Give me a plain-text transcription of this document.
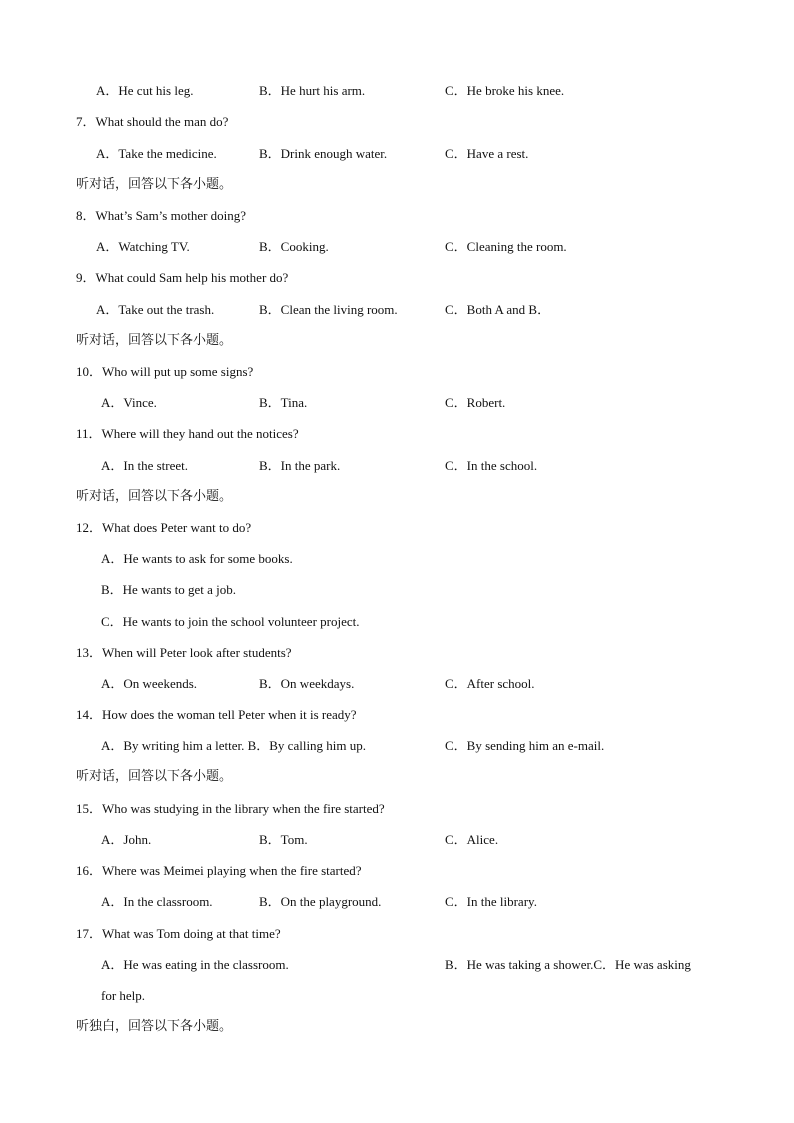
A．He cut his leg.	B．He hurt his arm.	C．He broke his knee.
7．What should the man do?
A．Take the medicine.	B．Drink enough water.	C．Have a rest.
听对话，回答以下各小题。
8．What’s Sam’s mother doing?
A．Watching TV.	B．Cooking.	C．Cleaning the room.
9．What could Sam help his mother do?
A．Take out the trash.	B．Clean the living room.	C．Both A and B．
听对话，回答以下各小题。
10．Who will put up some signs?
A．Vince.	B．Tina.	C．Robert.
11．Where will they hand out the notices?
A．In the street.	B．In the park.	C．In the school.
听对话，回答以下各小题。
12．What does Peter want to do?
A．He wants to ask for some books.
B．He wants to get a job.
C．He wants to join the school volunteer project.
13．When will Peter look after students?
A．On weekends.	B．On weekdays.	C．After school.
14．How does the woman tell Peter when it is ready?
A．By writing him a letter. B．By calling him up.	C．By sending him an e-mail.
听对话，回答以下各小题。
15．Who was studying in the library when the fire started?
A．John.	B．Tom.	C．Alice.
16．Where was Meimei playing when the fire started?
A．In the classroom.	B．On the playground.	C．In the library.
17．What was Tom doing at that time?
A．He was eating in the classroom.	B．He was taking a shower.C．He was asking
for help.
听独白，回答以下各小题。
